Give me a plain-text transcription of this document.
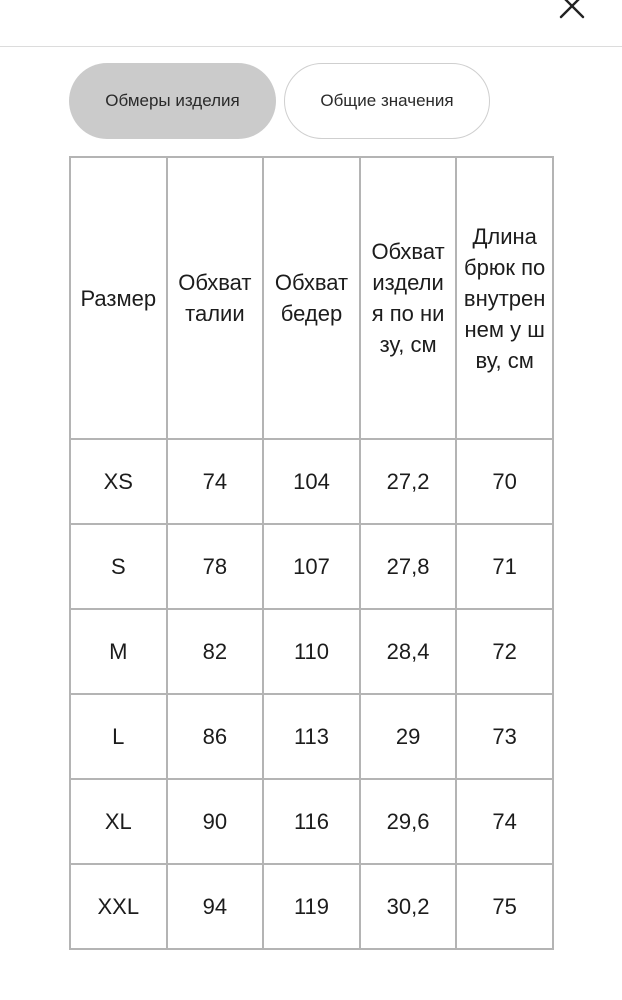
Обмеры изделия	Общие значения
Размер	Обхват талии	Обхват бедер	Обхват изделия по низу, см	Длина брюк по внутреннем у шву, см
XS	74	104	27,2	70
S	78	107	27,8	71
M	82	110	28,4	72
L	86	113	29	73
XL	90	116	29,6	74
XXL	94	119	30,2	75
